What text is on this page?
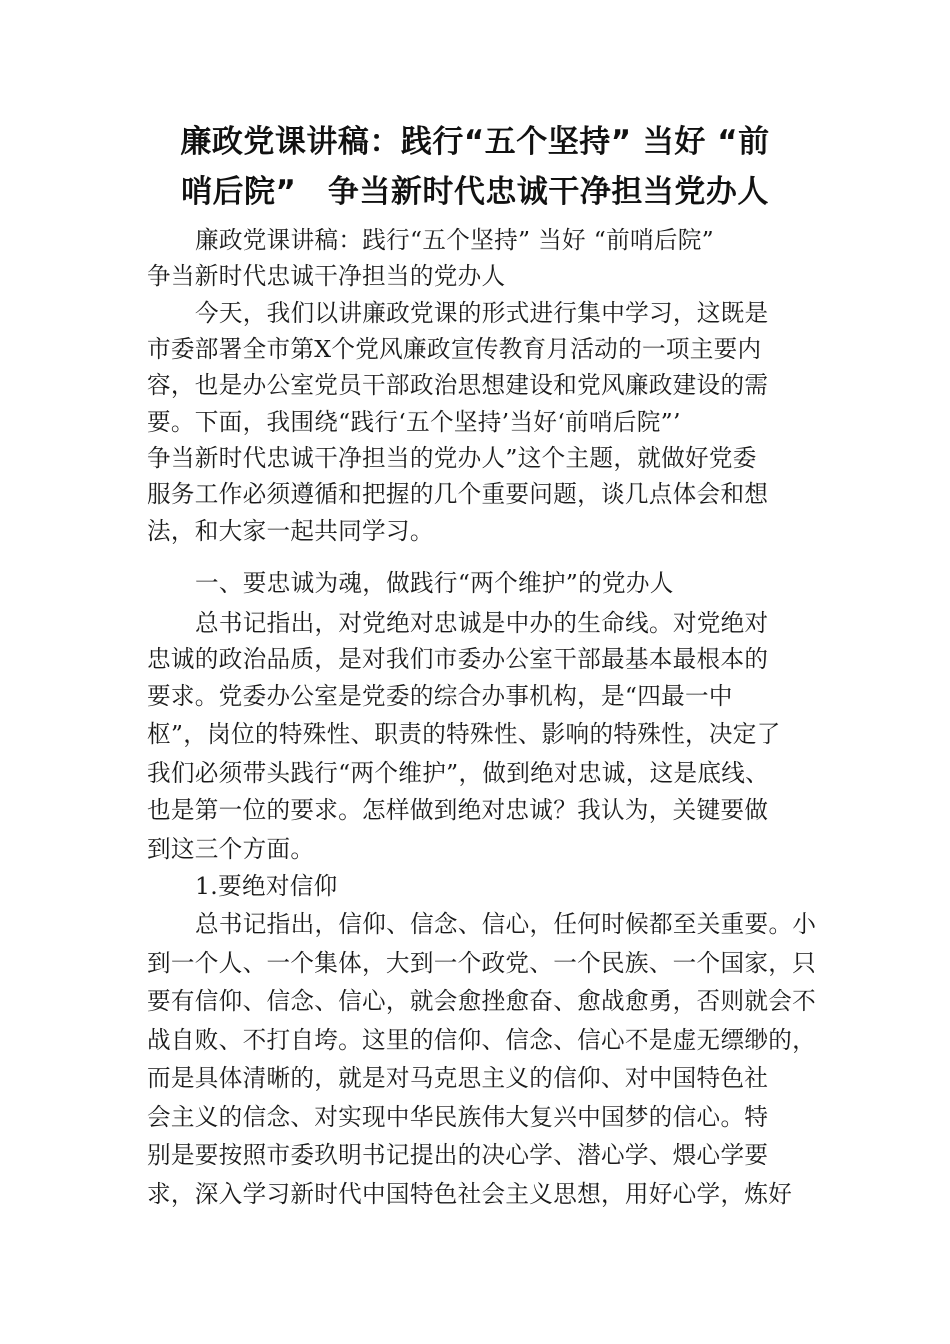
廉政党课讲稿：践行“五个坚持” 当好 “前
哨后院”　争当新时代忠诚干净担当党办人
廉政党课讲稿：践行“五个坚持” 当好 “前哨后院”
争当新时代忠诚干净担当的党办人
今天，我们以讲廉政党课的形式进行集中学习，这既是
市委部署全市第X个党风廉政宣传教育月活动的一项主要内
容，也是办公室党员干部政治思想建设和党风廉政建设的需
要。下面，我围绕“践行‘五个坚持’当好‘前哨后院”’
争当新时代忠诚干净担当的党办人”这个主题，就做好党委
服务工作必须遵循和把握的几个重要问题，谈几点体会和想
法，和大家一起共同学习。
一、要忠诚为魂，做践行“两个维护”的党办人
总书记指出，对党绝对忠诚是中办的生命线。对党绝对
忠诚的政治品质，是对我们市委办公室干部最基本最根本的
要求。党委办公室是党委的综合办事机构，是“四最一中
枢”，岗位的特殊性、职责的特殊性、影响的特殊性，决定了
我们必须带头践行“两个维护”，做到绝对忠诚，这是底线、
也是第一位的要求。怎样做到绝对忠诚？我认为，关键要做
到这三个方面。
1.要绝对信仰
总书记指出，信仰、信念、信心，任何时候都至关重要。小
到一个人、一个集体，大到一个政党、一个民族、一个国家，只
要有信仰、信念、信心，就会愈挫愈奋、愈战愈勇，否则就会不
战自败、不打自垮。这里的信仰、信念、信心不是虚无缥缈的，
而是具体清晰的，就是对马克思主义的信仰、对中国特色社
会主义的信念、对实现中华民族伟大复兴中国梦的信心。特
别是要按照市委玖明书记提出的决心学、潜心学、煨心学要
求，深入学习新时代中国特色社会主义思想，用好心学，炼好
